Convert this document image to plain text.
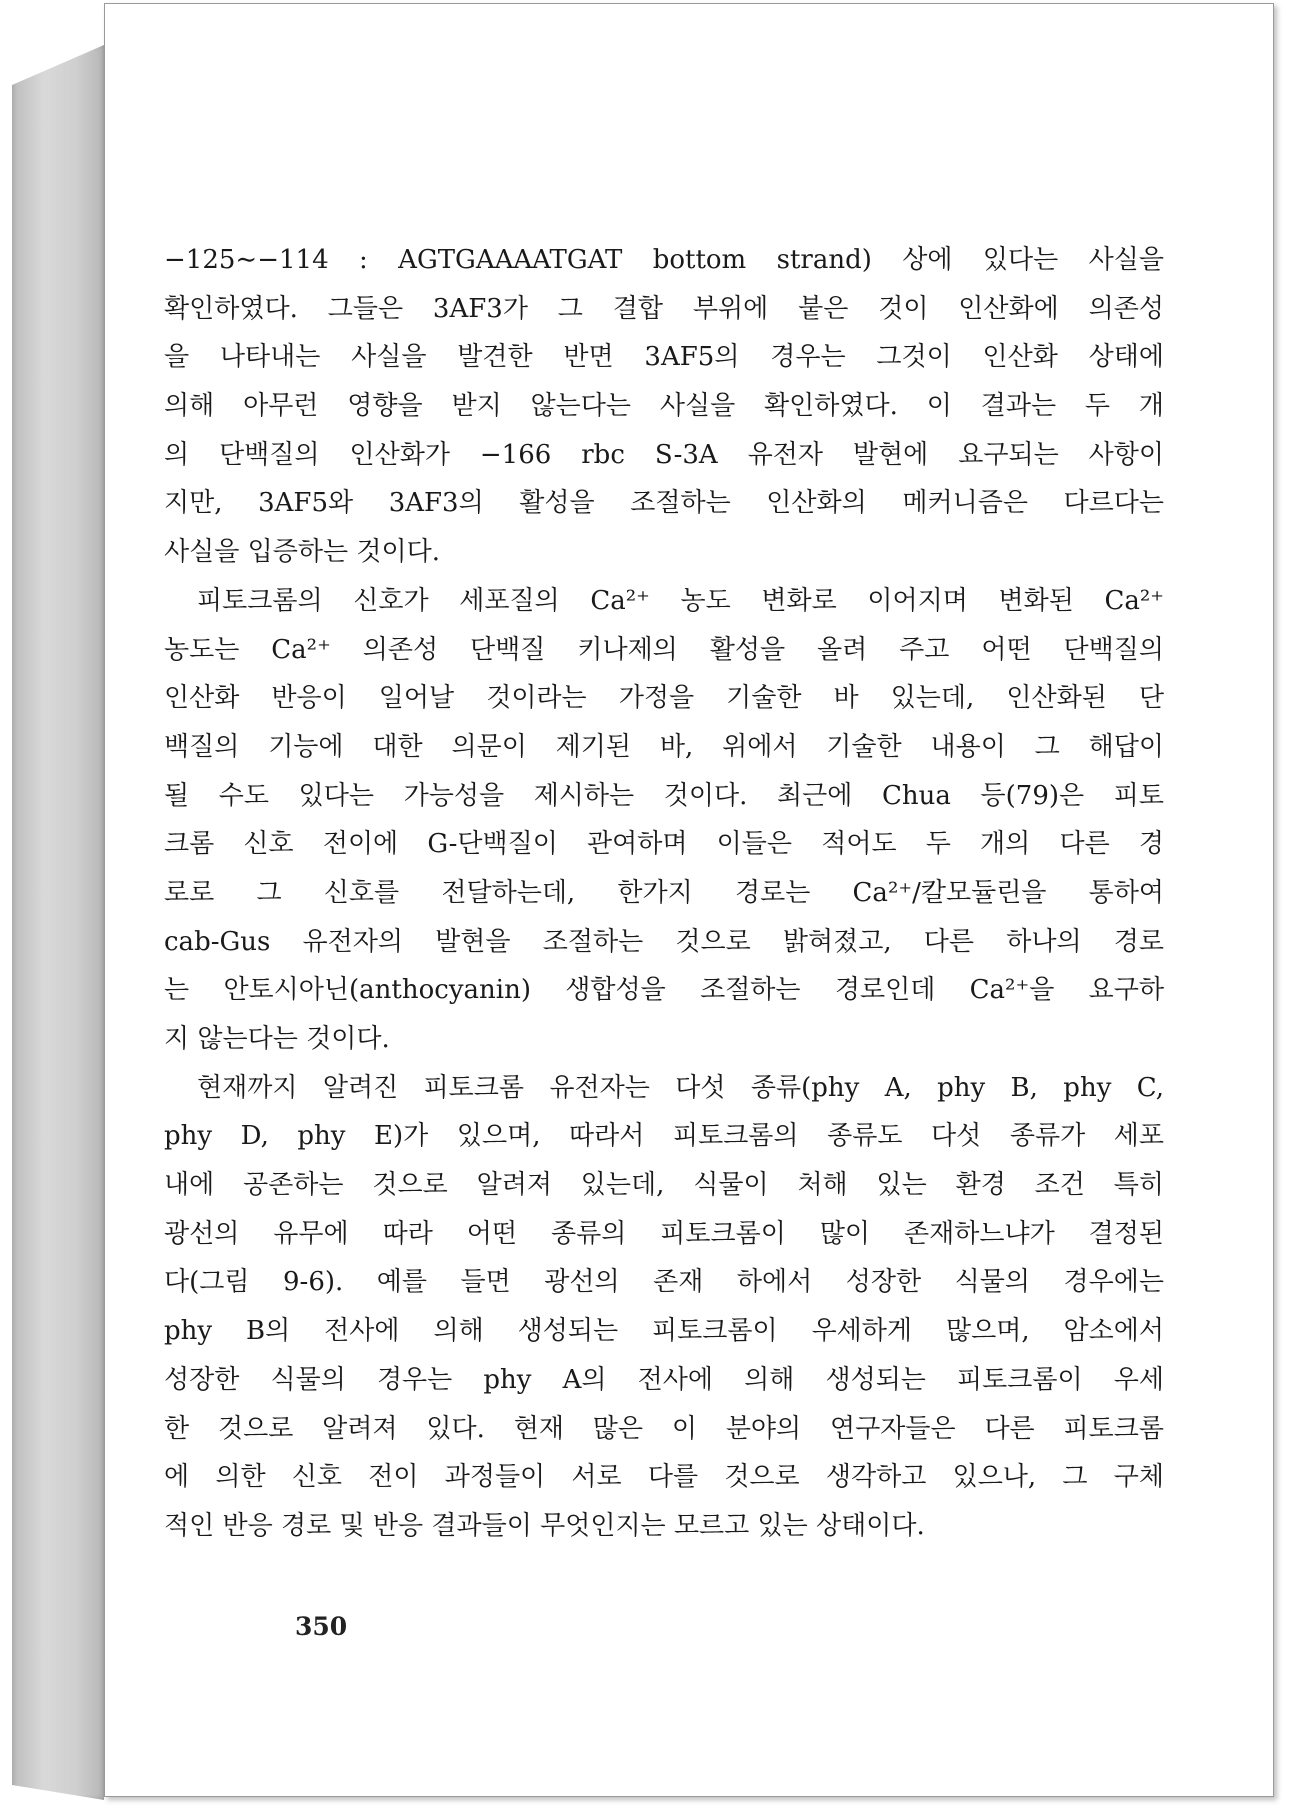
−125∼−114 : AGTGAAAATGAT bottom strand) 상에 있다는 사실을
확인하였다. 그들은 3AF3가 그 결합 부위에 붙은 것이 인산화에 의존성
을 나타내는 사실을 발견한 반면 3AF5의 경우는 그것이 인산화 상태에
의해 아무런 영향을 받지 않는다는 사실을 확인하였다. 이 결과는 두 개
의 단백질의 인산화가 −166 rbc S-3A 유전자 발현에 요구되는 사항이
지만, 3AF5와 3AF3의 활성을 조절하는 인산화의 메커니즘은 다르다는
사실을 입증하는 것이다.
피토크롬의 신호가 세포질의 Ca²⁺ 농도 변화로 이어지며 변화된 Ca²⁺
농도는 Ca²⁺ 의존성 단백질 키나제의 활성을 올려 주고 어떤 단백질의
인산화 반응이 일어날 것이라는 가정을 기술한 바 있는데, 인산화된 단
백질의 기능에 대한 의문이 제기된 바, 위에서 기술한 내용이 그 해답이
될 수도 있다는 가능성을 제시하는 것이다. 최근에 Chua 등(79)은 피토
크롬 신호 전이에 G-단백질이 관여하며 이들은 적어도 두 개의 다른 경
로로 그 신호를 전달하는데, 한가지 경로는 Ca²⁺/칼모듈린을 통하여
cab-Gus 유전자의 발현을 조절하는 것으로 밝혀졌고, 다른 하나의 경로
는 안토시아닌(anthocyanin) 생합성을 조절하는 경로인데 Ca²⁺을 요구하
지 않는다는 것이다.
현재까지 알려진 피토크롬 유전자는 다섯 종류(phy A, phy B, phy C,
phy D, phy E)가 있으며, 따라서 피토크롬의 종류도 다섯 종류가 세포
내에 공존하는 것으로 알려져 있는데, 식물이 처해 있는 환경 조건 특히
광선의 유무에 따라 어떤 종류의 피토크롬이 많이 존재하느냐가 결정된
다(그림 9-6). 예를 들면 광선의 존재 하에서 성장한 식물의 경우에는
phy B의 전사에 의해 생성되는 피토크롬이 우세하게 많으며, 암소에서
성장한 식물의 경우는 phy A의 전사에 의해 생성되는 피토크롬이 우세
한 것으로 알려져 있다. 현재 많은 이 분야의 연구자들은 다른 피토크롬
에 의한 신호 전이 과정들이 서로 다를 것으로 생각하고 있으나, 그 구체
적인 반응 경로 및 반응 결과들이 무엇인지는 모르고 있는 상태이다.
350
